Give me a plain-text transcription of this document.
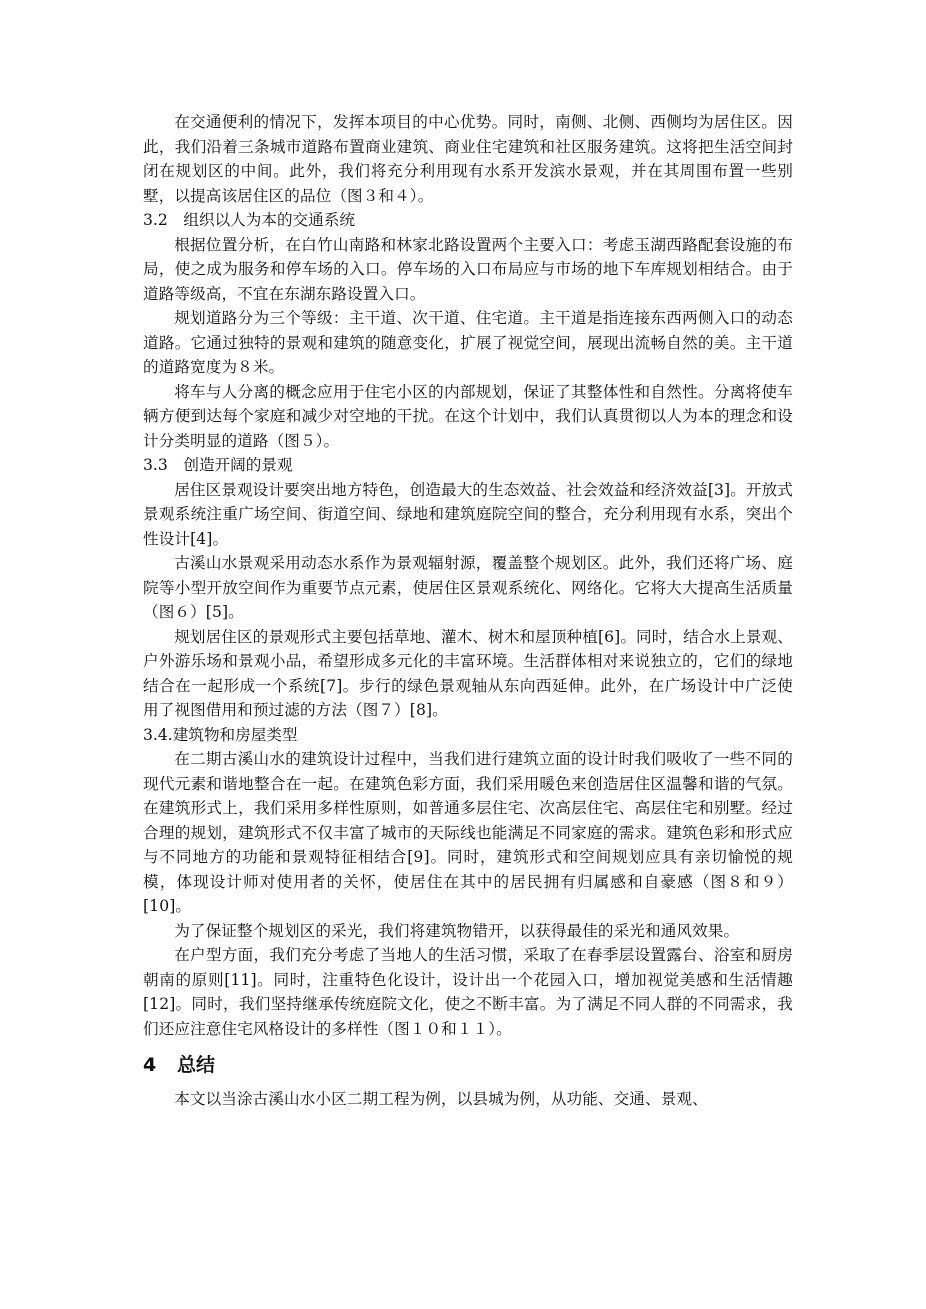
在交通便利的情况下，发挥本项目的中心优势。同时，南侧、北侧、西侧均为居住区。因此，我们沿着三条城市道路布置商业建筑、商业住宅建筑和社区服务建筑。这将把生活空间封闭在规划区的中间。此外，我们将充分利用现有水系开发滨水景观，并在其周围布置一些别墅，以提高该居住区的品位（图３和４）。

3.2　组织以人为本的交通系统

根据位置分析，在白竹山南路和林家北路设置两个主要入口：考虑玉湖西路配套设施的布局，使之成为服务和停车场的入口。停车场的入口布局应与市场的地下车库规划相结合。由于道路等级高，不宜在东湖东路设置入口。

规划道路分为三个等级：主干道、次干道、住宅道。主干道是指连接东西两侧入口的动态道路。它通过独特的景观和建筑的随意变化，扩展了视觉空间，展现出流畅自然的美。主干道的道路宽度为８米。

将车与人分离的概念应用于住宅小区的内部规划，保证了其整体性和自然性。分离将使车辆方便到达每个家庭和减少对空地的干扰。在这个计划中，我们认真贯彻以人为本的理念和设计分类明显的道路（图５）。

3.3　创造开阔的景观

居住区景观设计要突出地方特色，创造最大的生态效益、社会效益和经济效益[3]。开放式景观系统注重广场空间、街道空间、绿地和建筑庭院空间的整合，充分利用现有水系，突出个性设计[4]。

古溪山水景观采用动态水系作为景观辐射源，覆盖整个规划区。此外，我们还将广场、庭院等小型开放空间作为重要节点元素，使居住区景观系统化、网络化。它将大大提高生活质量（图６）[5]。

规划居住区的景观形式主要包括草地、灌木、树木和屋顶种植[6]。同时，结合水上景观、户外游乐场和景观小品，希望形成多元化的丰富环境。生活群体相对来说独立的，它们的绿地结合在一起形成一个系统[7]。步行的绿色景观轴从东向西延伸。此外，在广场设计中广泛使用了视图借用和预过滤的方法（图７）[8]。

3.4.建筑物和房屋类型

在二期古溪山水的建筑设计过程中，当我们进行建筑立面的设计时我们吸收了一些不同的现代元素和谐地整合在一起。在建筑色彩方面，我们采用暖色来创造居住区温馨和谐的气氛。在建筑形式上，我们采用多样性原则，如普通多层住宅、次高层住宅、高层住宅和别墅。经过合理的规划，建筑形式不仅丰富了城市的天际线也能满足不同家庭的需求。建筑色彩和形式应与不同地方的功能和景观特征相结合[9]。同时，建筑形式和空间规划应具有亲切愉悦的规模，体现设计师对使用者的关怀，使居住在其中的居民拥有归属感和自豪感（图８和９）[10]。

为了保证整个规划区的采光，我们将建筑物错开，以获得最佳的采光和通风效果。

在户型方面，我们充分考虑了当地人的生活习惯，采取了在春季层设置露台、浴室和厨房朝南的原则[11]。同时，注重特色化设计，设计出一个花园入口，增加视觉美感和生活情趣[12]。同时，我们坚持继承传统庭院文化，使之不断丰富。为了满足不同人群的不同需求，我们还应注意住宅风格设计的多样性（图１０和１１）。

4 总结

本文以当涂古溪山水小区二期工程为例，以县城为例，从功能、交通、景观、
